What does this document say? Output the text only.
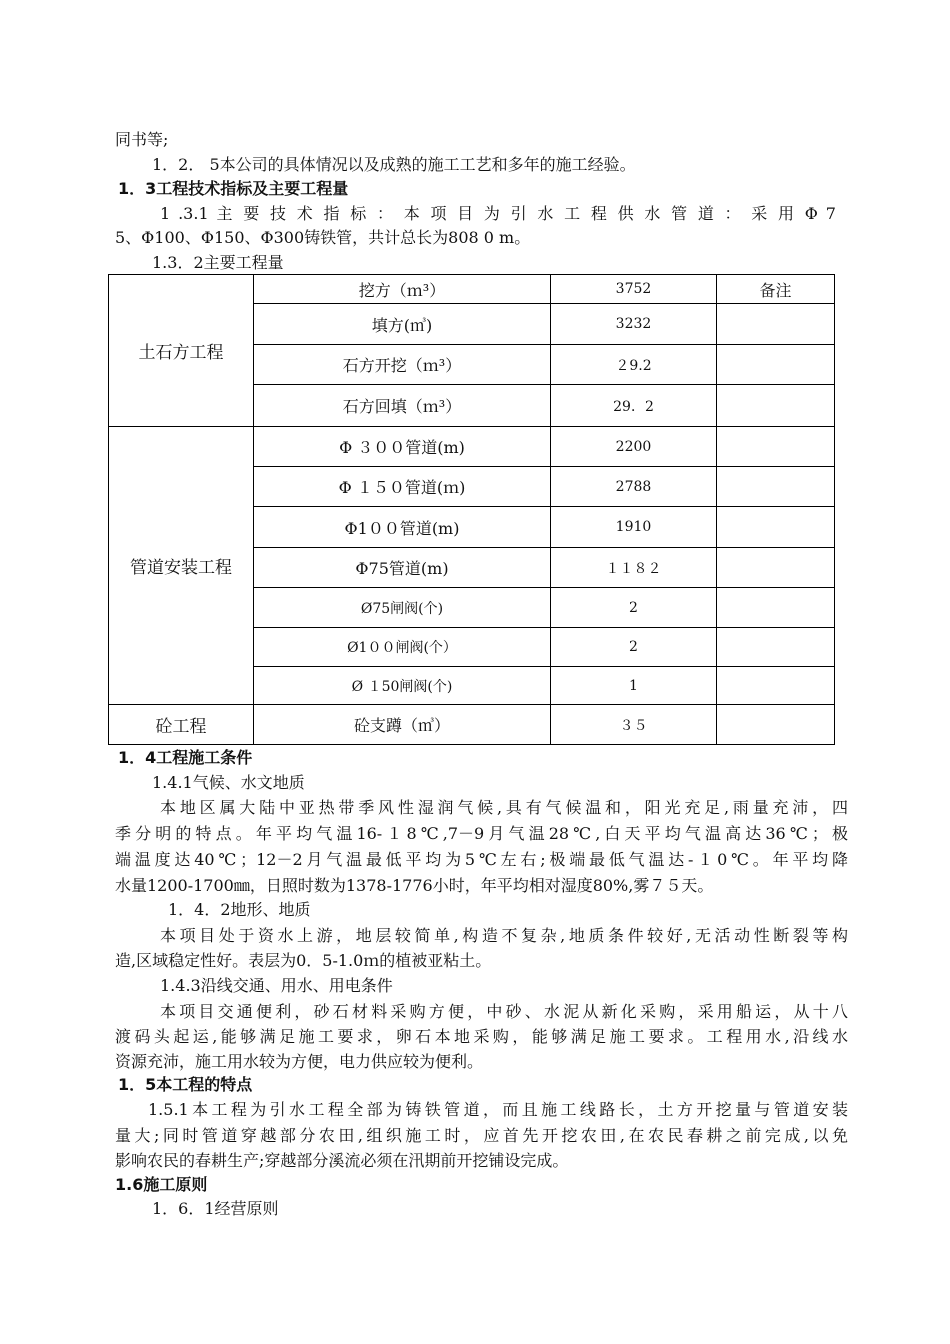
同书等;
1．2． 5本公司的具体情况以及成熟的施工工艺和多年的施工经验。
1．3工程技术指标及主要工程量
1 .3.1 主 要 技 术 指 标 ： 本 项 目 为 引 水 工 程 供 水 管 道 ： 采 用 Φ 7
5、Φ100、Φ150、Φ300铸铁管，共计总长为808 0 m。
1.3．2主要工程量
土石方工程	挖方（ｍ³）	3752	备注
	填方(㎥)	3232	
	石方开挖（ｍ³）	２9.2	
	石方回填（ｍ³）	29．2	
管道安装工程	Φ ３００管道(m)	2200	
	Φ １５０管道(ｍ)	2788	
	Φ1００管道(m)	1910	
	Φ75管道(m)	１１８２	
	Ø75闸阀(个)	2	
	Ø1００闸阀(个）	2	
	Ø １50闸阀(个)	1	
砼工程	砼支蹲（㎥）	３５	
1．4工程施工条件
1.4.1气候、水文地质
本地区属大陆中亚热带季风性湿润气候,具有气候温和，阳光充足,雨量充沛，四
季分明的特点。年平均气温16-１8℃,7－9月气温28℃,白天平均气温高达36℃；极
端温度达40℃；12－2月气温最低平均为5℃左右;极端最低气温达-１0℃。年平均降
水量1200-1700㎜，日照时数为1378-1776小时，年平均相对湿度80%,雾７５天。
1．4．2地形、地质
本项目处于资水上游，地层较简单,构造不复杂,地质条件较好,无活动性断裂等构
造,区域稳定性好。表层为0．5-1.0ｍ的植被亚粘土。
1.4.3沿线交通、用水、用电条件
本项目交通便利，砂石材料采购方便，中砂、水泥从新化采购，采用船运，从十八
渡码头起运,能够满足施工要求，卵石本地采购，能够满足施工要求。工程用水,沿线水
资源充沛，施工用水较为方便，电力供应较为便利。
1．5本工程的特点
1.5.1本工程为引水工程全部为铸铁管道，而且施工线路长，土方开挖量与管道安装
量大;同时管道穿越部分农田,组织施工时，应首先开挖农田,在农民春耕之前完成,以免
影响农民的春耕生产;穿越部分溪流必须在汛期前开挖铺设完成。
1.6施工原则
1．6．1经营原则
